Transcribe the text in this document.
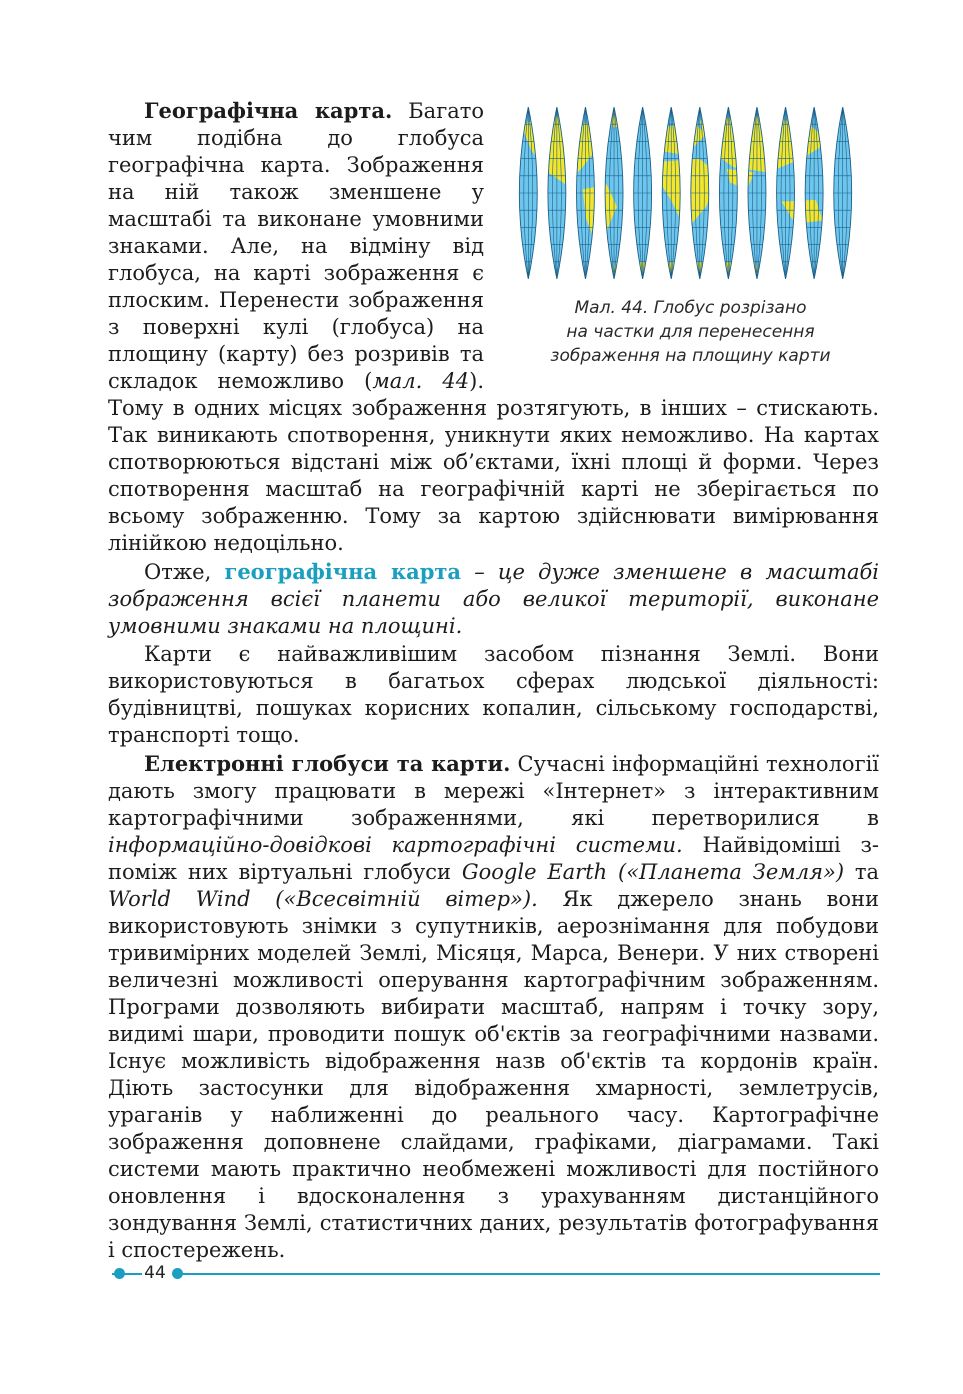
Мал. 44. Глобус розрізано
на частки для перенесення
зображення на площину карти

Географічна карта. Багато чим подібна до глобуса географічна карта. Зображення на ній також зменшене у масштабі та виконане умовними знаками. Але, на відміну від глобуса, на карті зображення є плоским. Перенести зображення з поверхні кулі (глобуса) на площину (карту) без розривів та складок неможливо (мал. 44). Тому в одних місцях зображення розтягують, в інших – стискають. Так виникають спотворення, уникнути яких неможливо. На картах спотворюються відстані між об’єктами, їхні площі й форми. Через спотворення масштаб на географічній карті не зберігається по всьому зображенню. Тому за картою здійснювати вимірювання лінійкою недоцільно.

Отже, географічна карта – це дуже зменшене в масштабі зображення всієї планети або великої території, виконане умовними знаками на площині.

Карти є найважливішим засобом пізнання Землі. Вони використовуються в багатьох сферах людської діяльності: будівництві, пошуках корисних копалин, сільському господарстві, транспорті тощо.

Електронні глобуси та карти. Сучасні інформаційні технології дають змогу працювати в мережі «Інтернет» з інтерактивним картографічними зображеннями, які перетворилися в інформаційно-довідкові картографічні системи. Найвідоміші з-поміж них віртуальні глобуси Google Earth («Планета Земля») та World Wind («Всесвітній вітер»). Як джерело знань вони використовують знімки з супутників, аерознімання для побудови тривимірних моделей Землі, Місяця, Марса, Венери. У них створені величезні можливості оперування картографічним зображенням. Програми дозволяють вибирати масштаб, напрям і точку зору, видимі шари, проводити пошук об'єктів за географічними назвами. Існує можливість відображення назв об'єктів та кордонів країн. Діють застосунки для відображення хмарності, землетрусів, ураганів у наближенні до реального часу. Картографічне зображення доповнене слайдами, графіками, діаграмами. Такі системи мають практично необмежені можливості для постійного оновлення і вдосконалення з урахуванням дистанційного зондування Землі, статистичних даних, результатів фотографування і спостережень.

44
